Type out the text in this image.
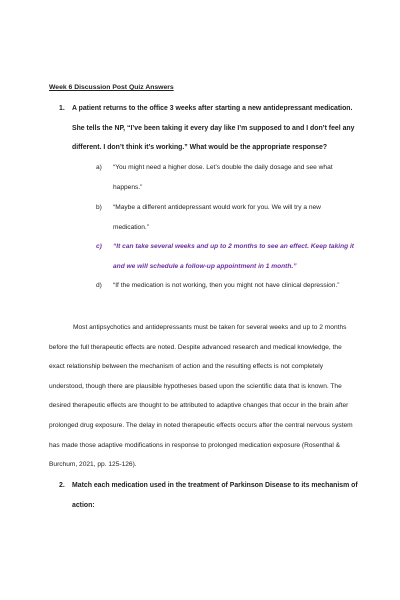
Week 6 Discussion Post Quiz Answers
1. A patient returns to the office 3 weeks after starting a new antidepressant medication. She tells the NP, “I’ve been taking it every day like I’m supposed to and I don’t feel any different. I don’t think it’s working.” What would be the appropriate response?
a) “You might need a higher dose. Let’s double the daily dosage and see what happens.”
b) “Maybe a different antidepressant would work for you. We will try a new medication.”
c) “It can take several weeks and up to 2 months to see an effect. Keep taking it and we will schedule a follow-up appointment in 1 month.”
d) “If the medication is not working, then you might not have clinical depression.”
Most antipsychotics and antidepressants must be taken for several weeks and up to 2 months before the full therapeutic effects are noted. Despite advanced research and medical knowledge, the exact relationship between the mechanism of action and the resulting effects is not completely understood, though there are plausible hypotheses based upon the scientific data that is known. The desired therapeutic effects are thought to be attributed to adaptive changes that occur in the brain after prolonged drug exposure. The delay in noted therapeutic effects occurs after the central nervous system has made those adaptive modifications in response to prolonged medication exposure (Rosenthal & Burchum, 2021, pp. 125-126).
2. Match each medication used in the treatment of Parkinson Disease to its mechanism of action:
